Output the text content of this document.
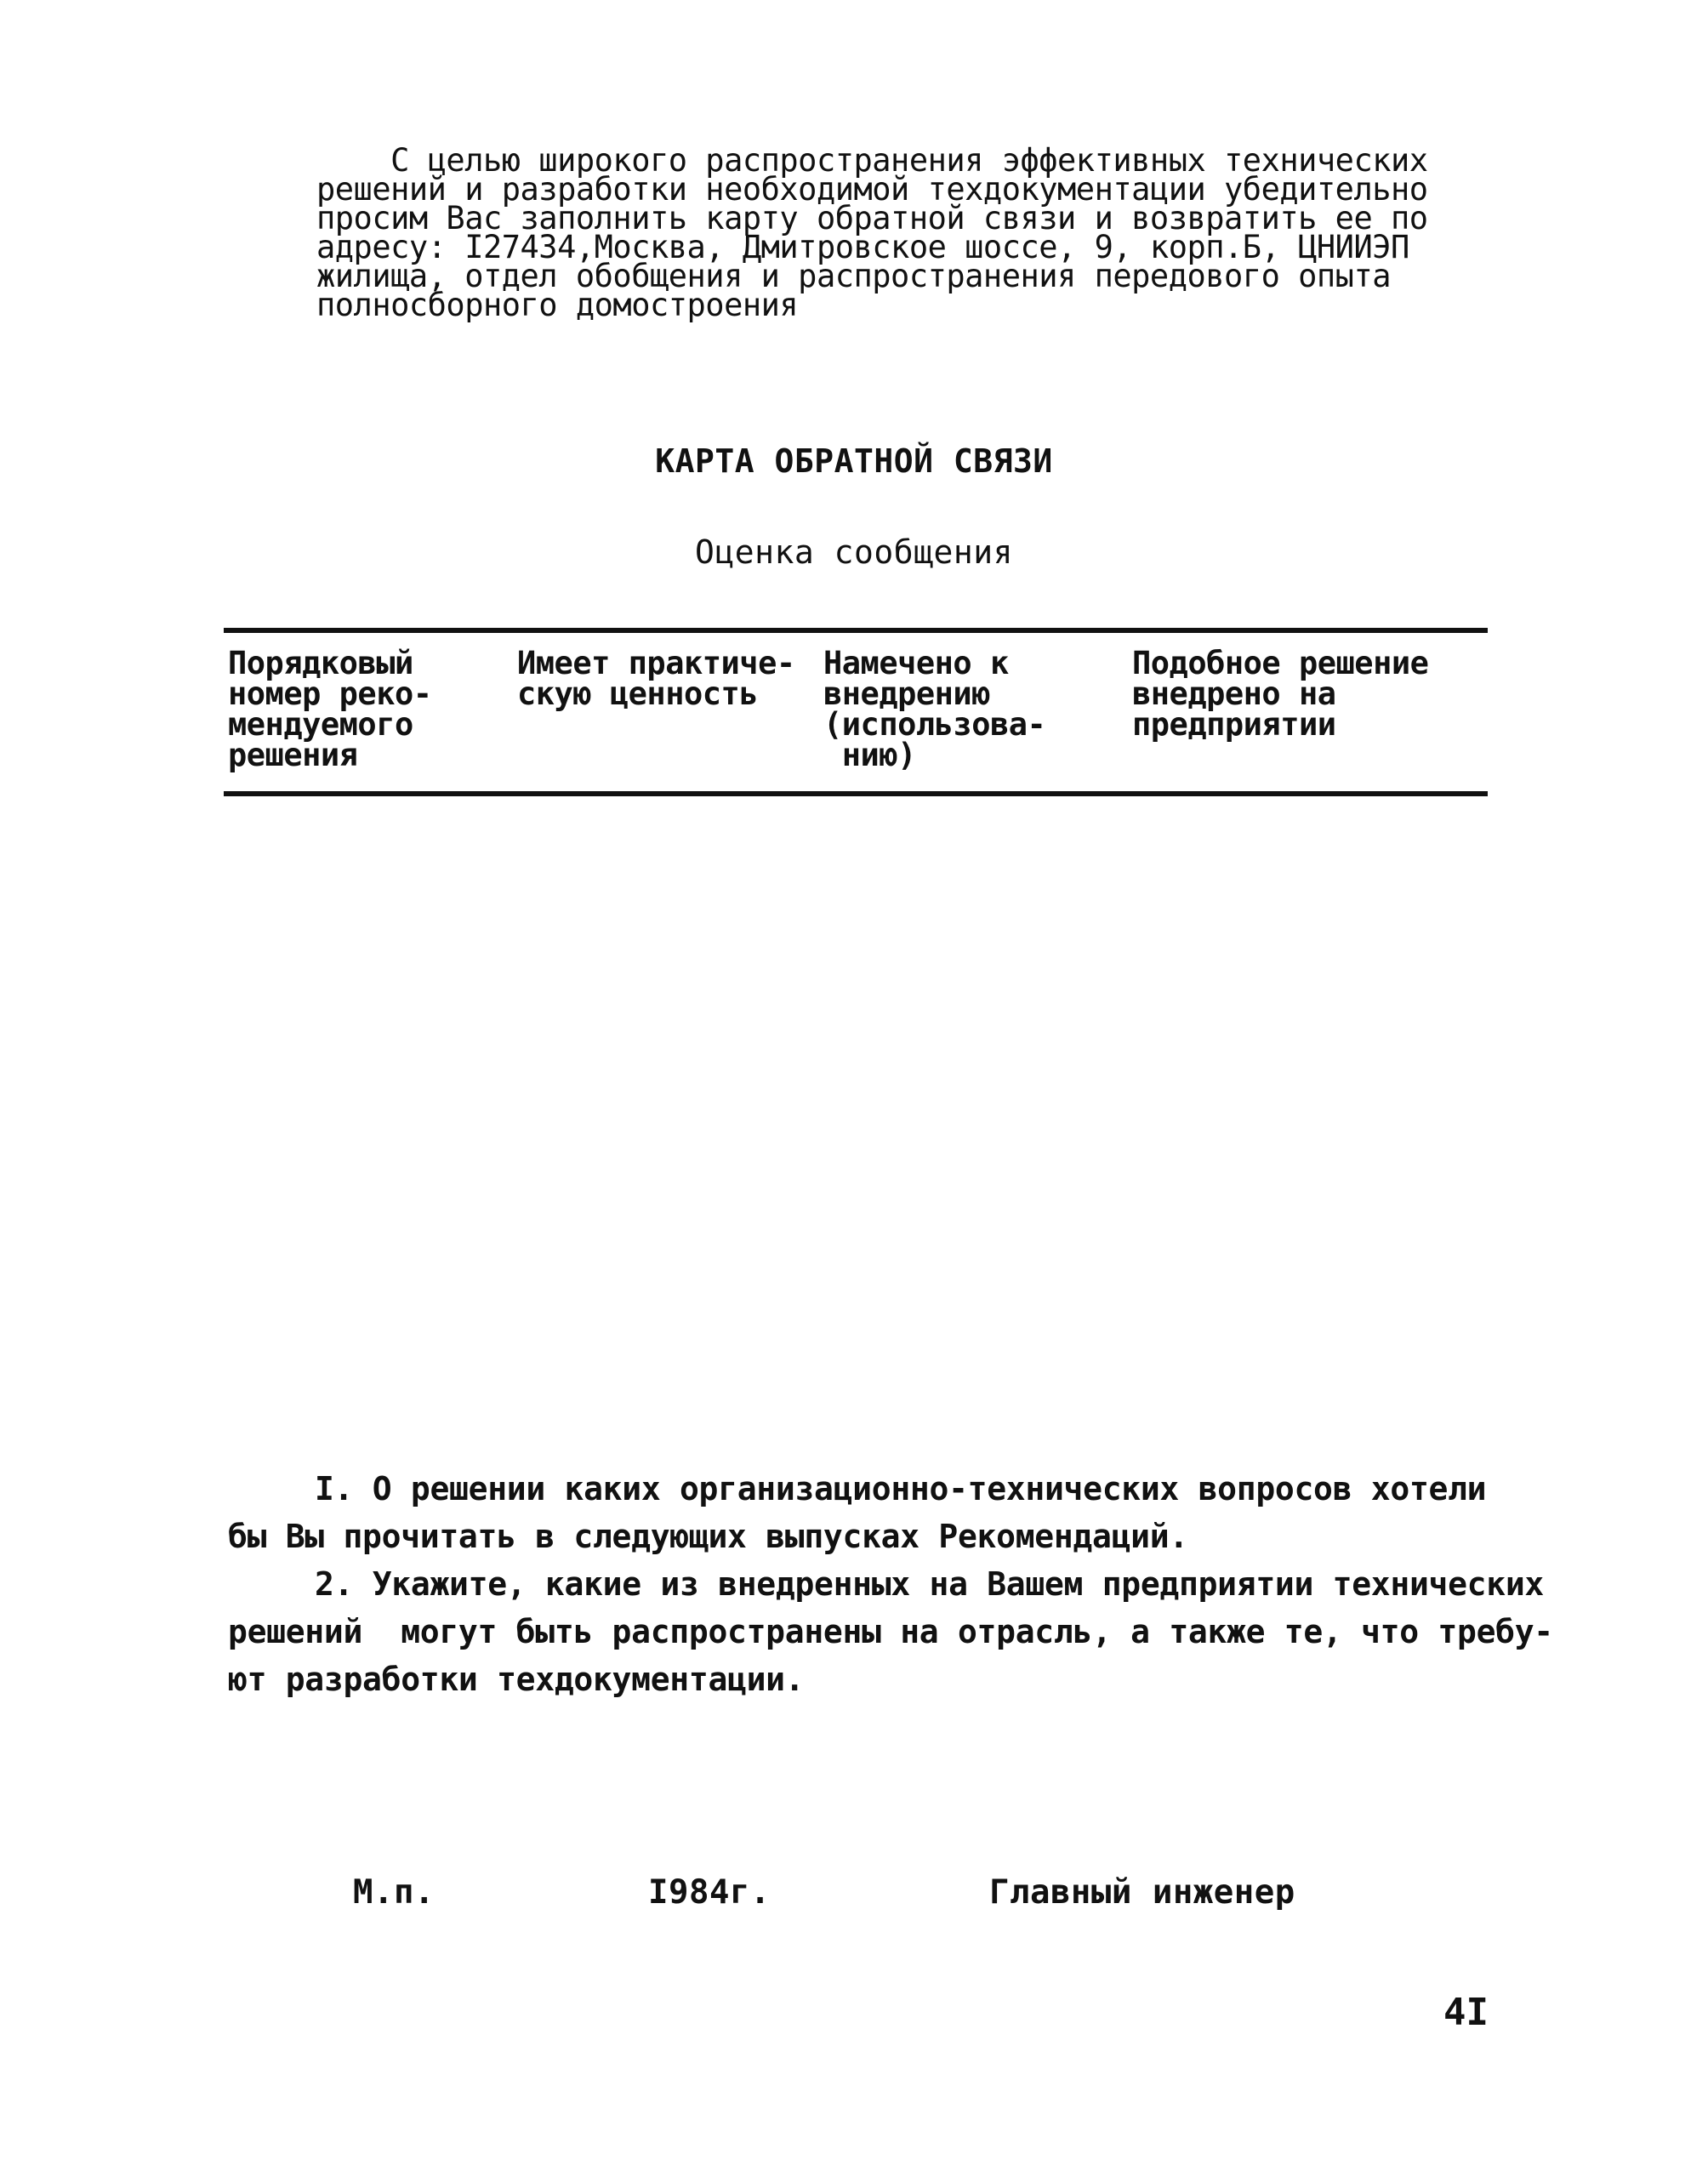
С целью широкого распространения эффективных технических
решений и разработки необходимой техдокументации убедительно
просим Вас заполнить карту обратной связи и возвратить ее по
адресу: I27434,Москва, Дмитровское шоссе, 9, корп.Б, ЦНИИЭП
жилища, отдел обобщения и распространения передового опыта
полносборного домостроения
КАРТА ОБРАТНОЙ СВЯЗИ
Оценка сообщения
Порядковый
номер реко-
мендуемого
решения
Имеет практиче-
скую ценность
Намечено к
внедрению
(использова-
нию)
Подобное решение
внедрено на
предприятии
I. О решении каких организационно-технических вопросов хотели
бы Вы прочитать в следующих выпусках Рекомендаций.
2. Укажите, какие из внедренных на Вашем предприятии технических
решений  могут быть распространены на отрасль, а также те, что требу-
ют разработки техдокументации.
М.п.	I984г.	Главный инженер
4I
